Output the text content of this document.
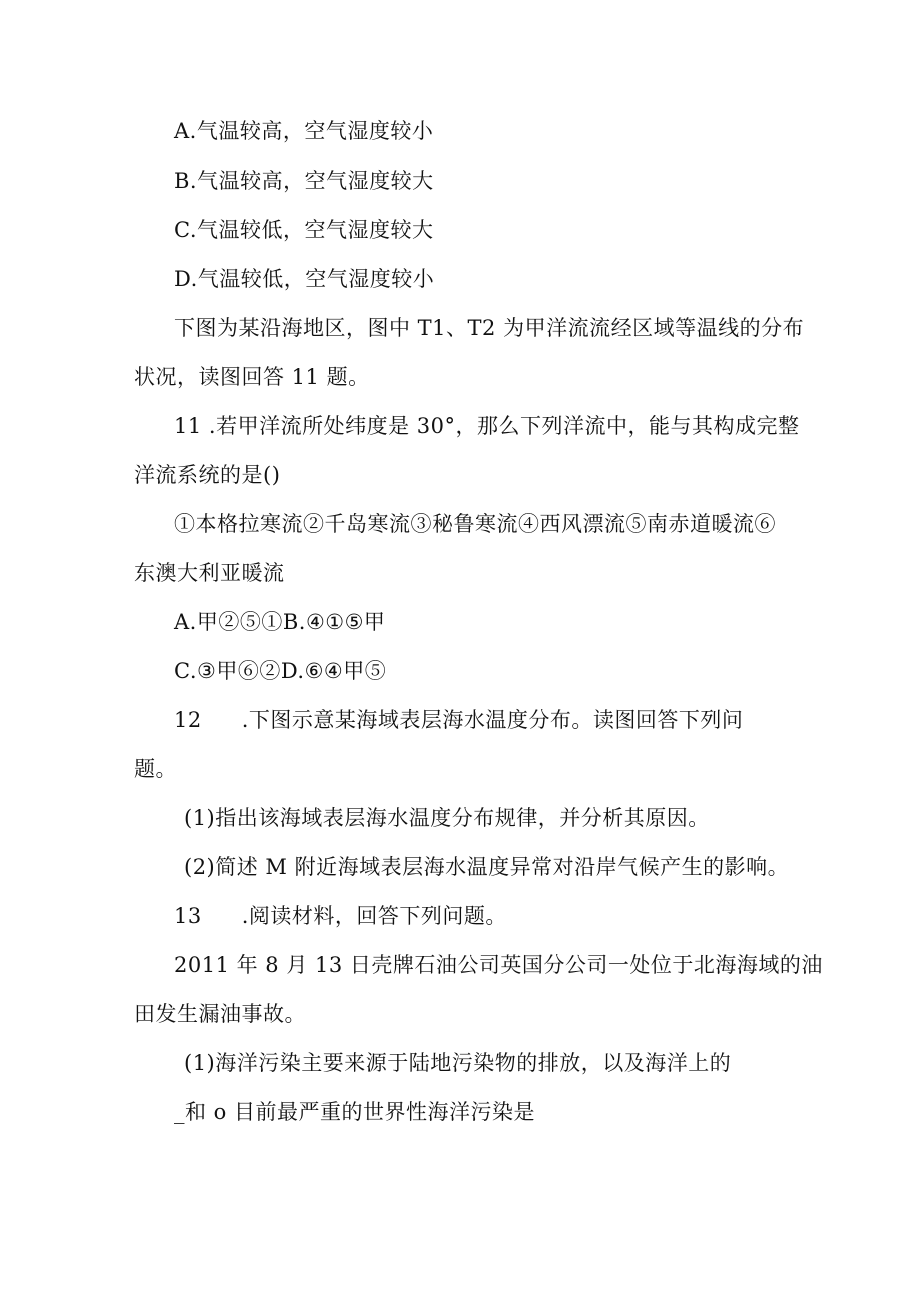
A.气温较高，空气湿度较小
B.气温较高，空气湿度较大
C.气温较低，空气湿度较大
D.气温较低，空气湿度较小
下图为某沿海地区，图中 T1、T2 为甲洋流流经区域等温线的分布
状况，读图回答 11 题。
11 .若甲洋流所处纬度是 30°，那么下列洋流中，能与其构成完整
洋流系统的是()
①本格拉寒流②千岛寒流③秘鲁寒流④西风漂流⑤南赤道暖流⑥
东澳大利亚暖流
A.甲②⑤①B.④①⑤甲
C.③甲⑥②D.⑥④甲⑤
12 .下图示意某海域表层海水温度分布。读图回答下列问
题。
(1)指出该海域表层海水温度分布规律，并分析其原因。
(2)简述 M 附近海域表层海水温度异常对沿岸气候产生的影响。
13 .阅读材料，回答下列问题。
2011 年 8 月 13 日壳牌石油公司英国分公司一处位于北海海域的油
田发生漏油事故。
(1)海洋污染主要来源于陆地污染物的排放，以及海洋上的
_和 o 目前最严重的世界性海洋污染是
